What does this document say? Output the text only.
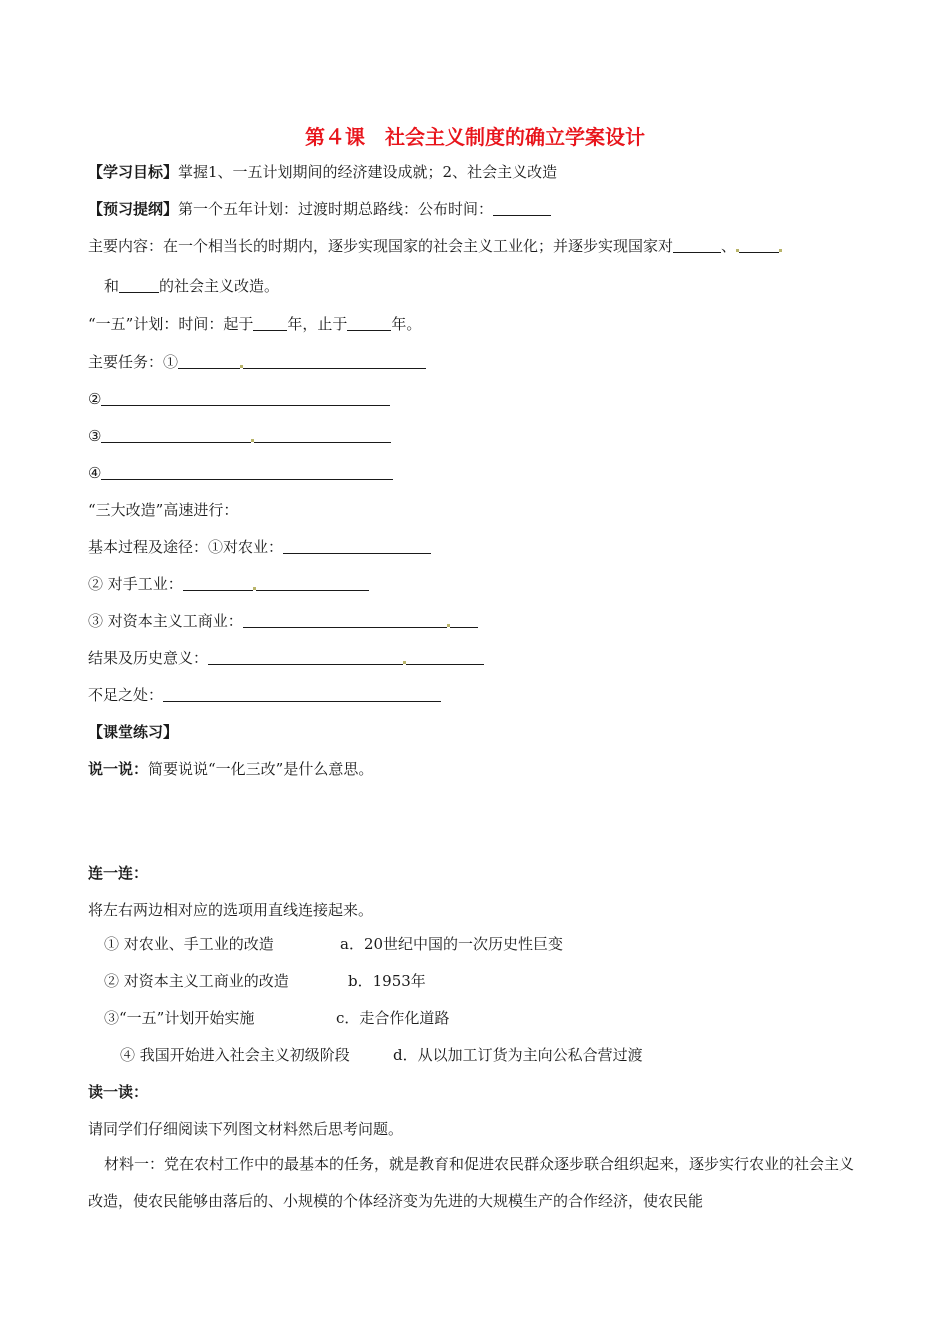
第４课　社会主义制度的确立学案设计
【学习目标】掌握1、一五计划期间的经济建设成就；2、社会主义改造
【预习提纲】第一个五年计划：过渡时期总路线：公布时间：
主要内容：在一个相当长的时期内，逐步实现国家的社会主义工业化；并逐步实现国家对	、
和	的社会主义改造。
“一五”计划：时间：起于 年，止于	年。
主要任务：①
②
③
④
“三大改造”高速进行：
基本过程及途径：①对农业：
② 对手工业：
③ 对资本主义工商业：
结果及历史意义：
不足之处：
【课堂练习】
说一说：简要说说“一化三改”是什么意思。
连一连：
将左右两边相对应的选项用直线连接起来。
① 对农业、手工业的改造	a．20世纪中国的一次历史性巨变
② 对资本主义工商业的改造	b．1953年
③“一五”计划开始实施	c．走合作化道路
④ 我国开始进入社会主义初级阶段	d．从以加工订货为主向公私合营过渡
读一读：
请同学们仔细阅读下列图文材料然后思考问题。
材料一：党在农村工作中的最基本的任务，就是教育和促进农民群众逐步联合组织起来，逐步实行农业的社会主义改造，使农民能够由落后的、小规模的个体经济变为先进的大规模生产的合作经济，使农民能
